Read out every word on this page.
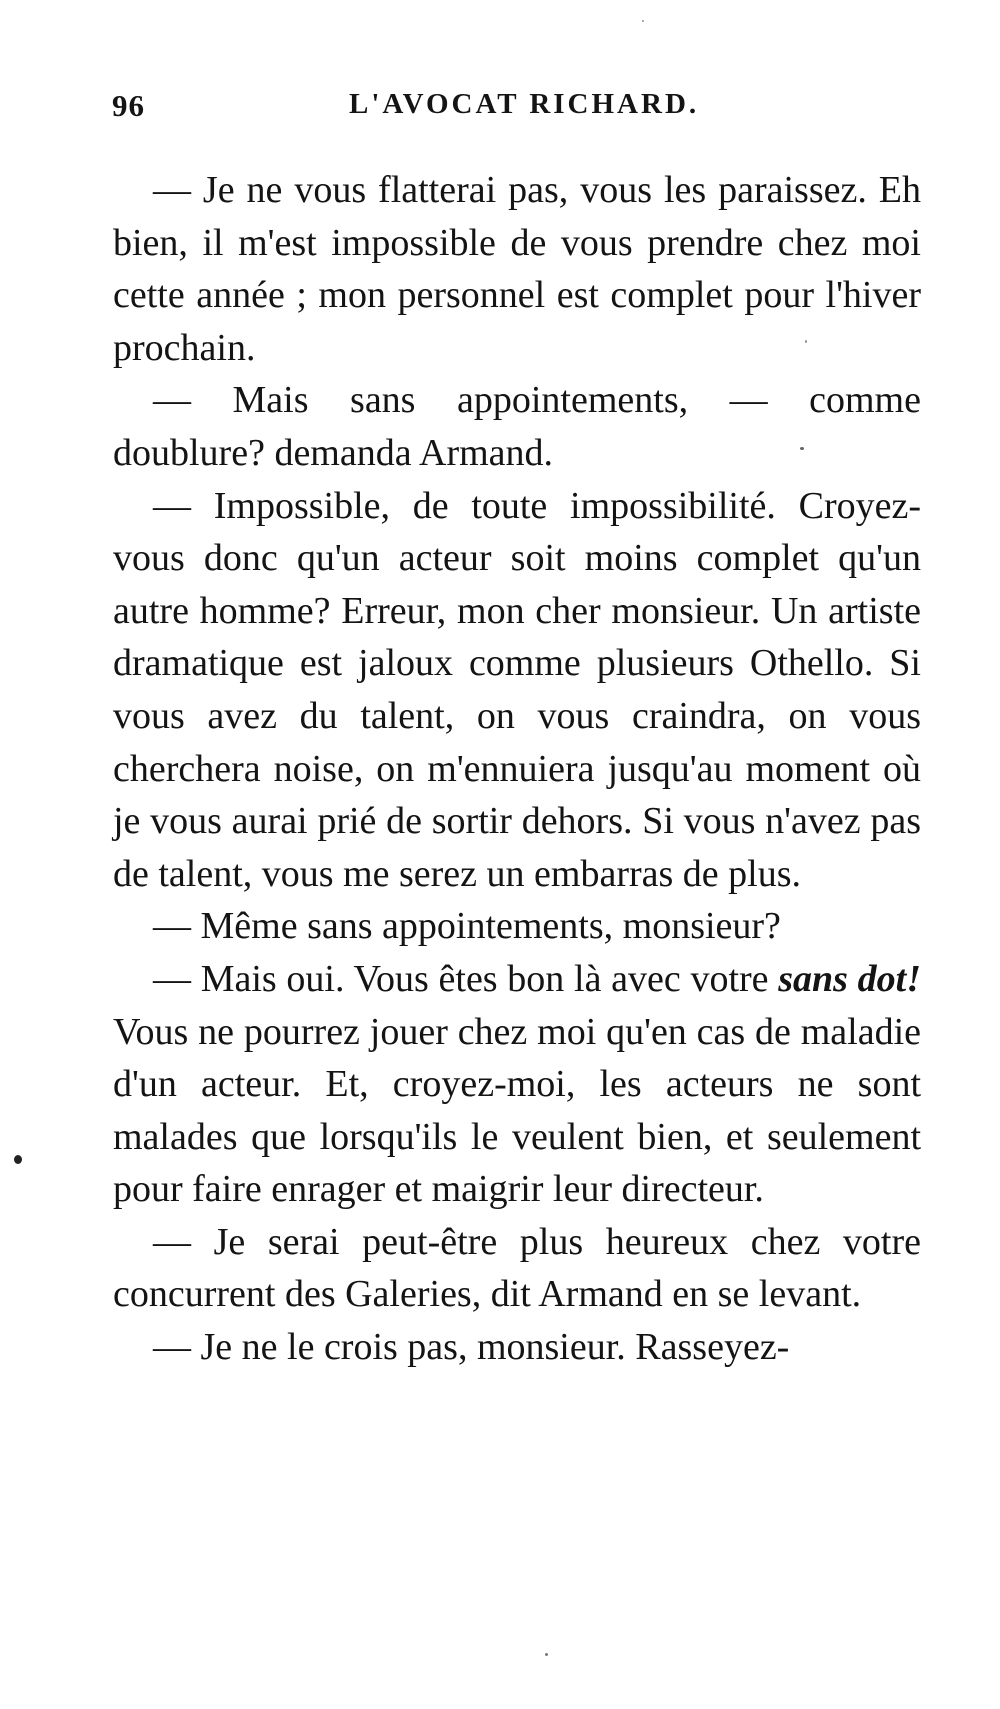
96	L'AVOCAT RICHARD.

— Je ne vous flatterai pas, vous les paraissez. Eh bien, il m'est impossible de vous prendre chez moi cette année ; mon personnel est complet pour l'hiver prochain.

— Mais sans appointements, — comme doublure? demanda Armand.

— Impossible, de toute impossibilité. Croyez-vous donc qu'un acteur soit moins complet qu'un autre homme? Erreur, mon cher monsieur. Un artiste dramatique est jaloux comme plusieurs Othello. Si vous avez du talent, on vous craindra, on vous cherchera noise, on m'ennuiera jusqu'au moment où je vous aurai prié de sortir dehors. Si vous n'avez pas de talent, vous me serez un embarras de plus.

— Même sans appointements, monsieur?

— Mais oui. Vous êtes bon là avec votre sans dot! Vous ne pourrez jouer chez moi qu'en cas de maladie d'un acteur. Et, croyez-moi, les acteurs ne sont malades que lorsqu'ils le veulent bien, et seulement pour faire enrager et maigrir leur directeur.

— Je serai peut-être plus heureux chez votre concurrent des Galeries, dit Armand en se levant.

— Je ne le crois pas, monsieur. Rasseyez-
